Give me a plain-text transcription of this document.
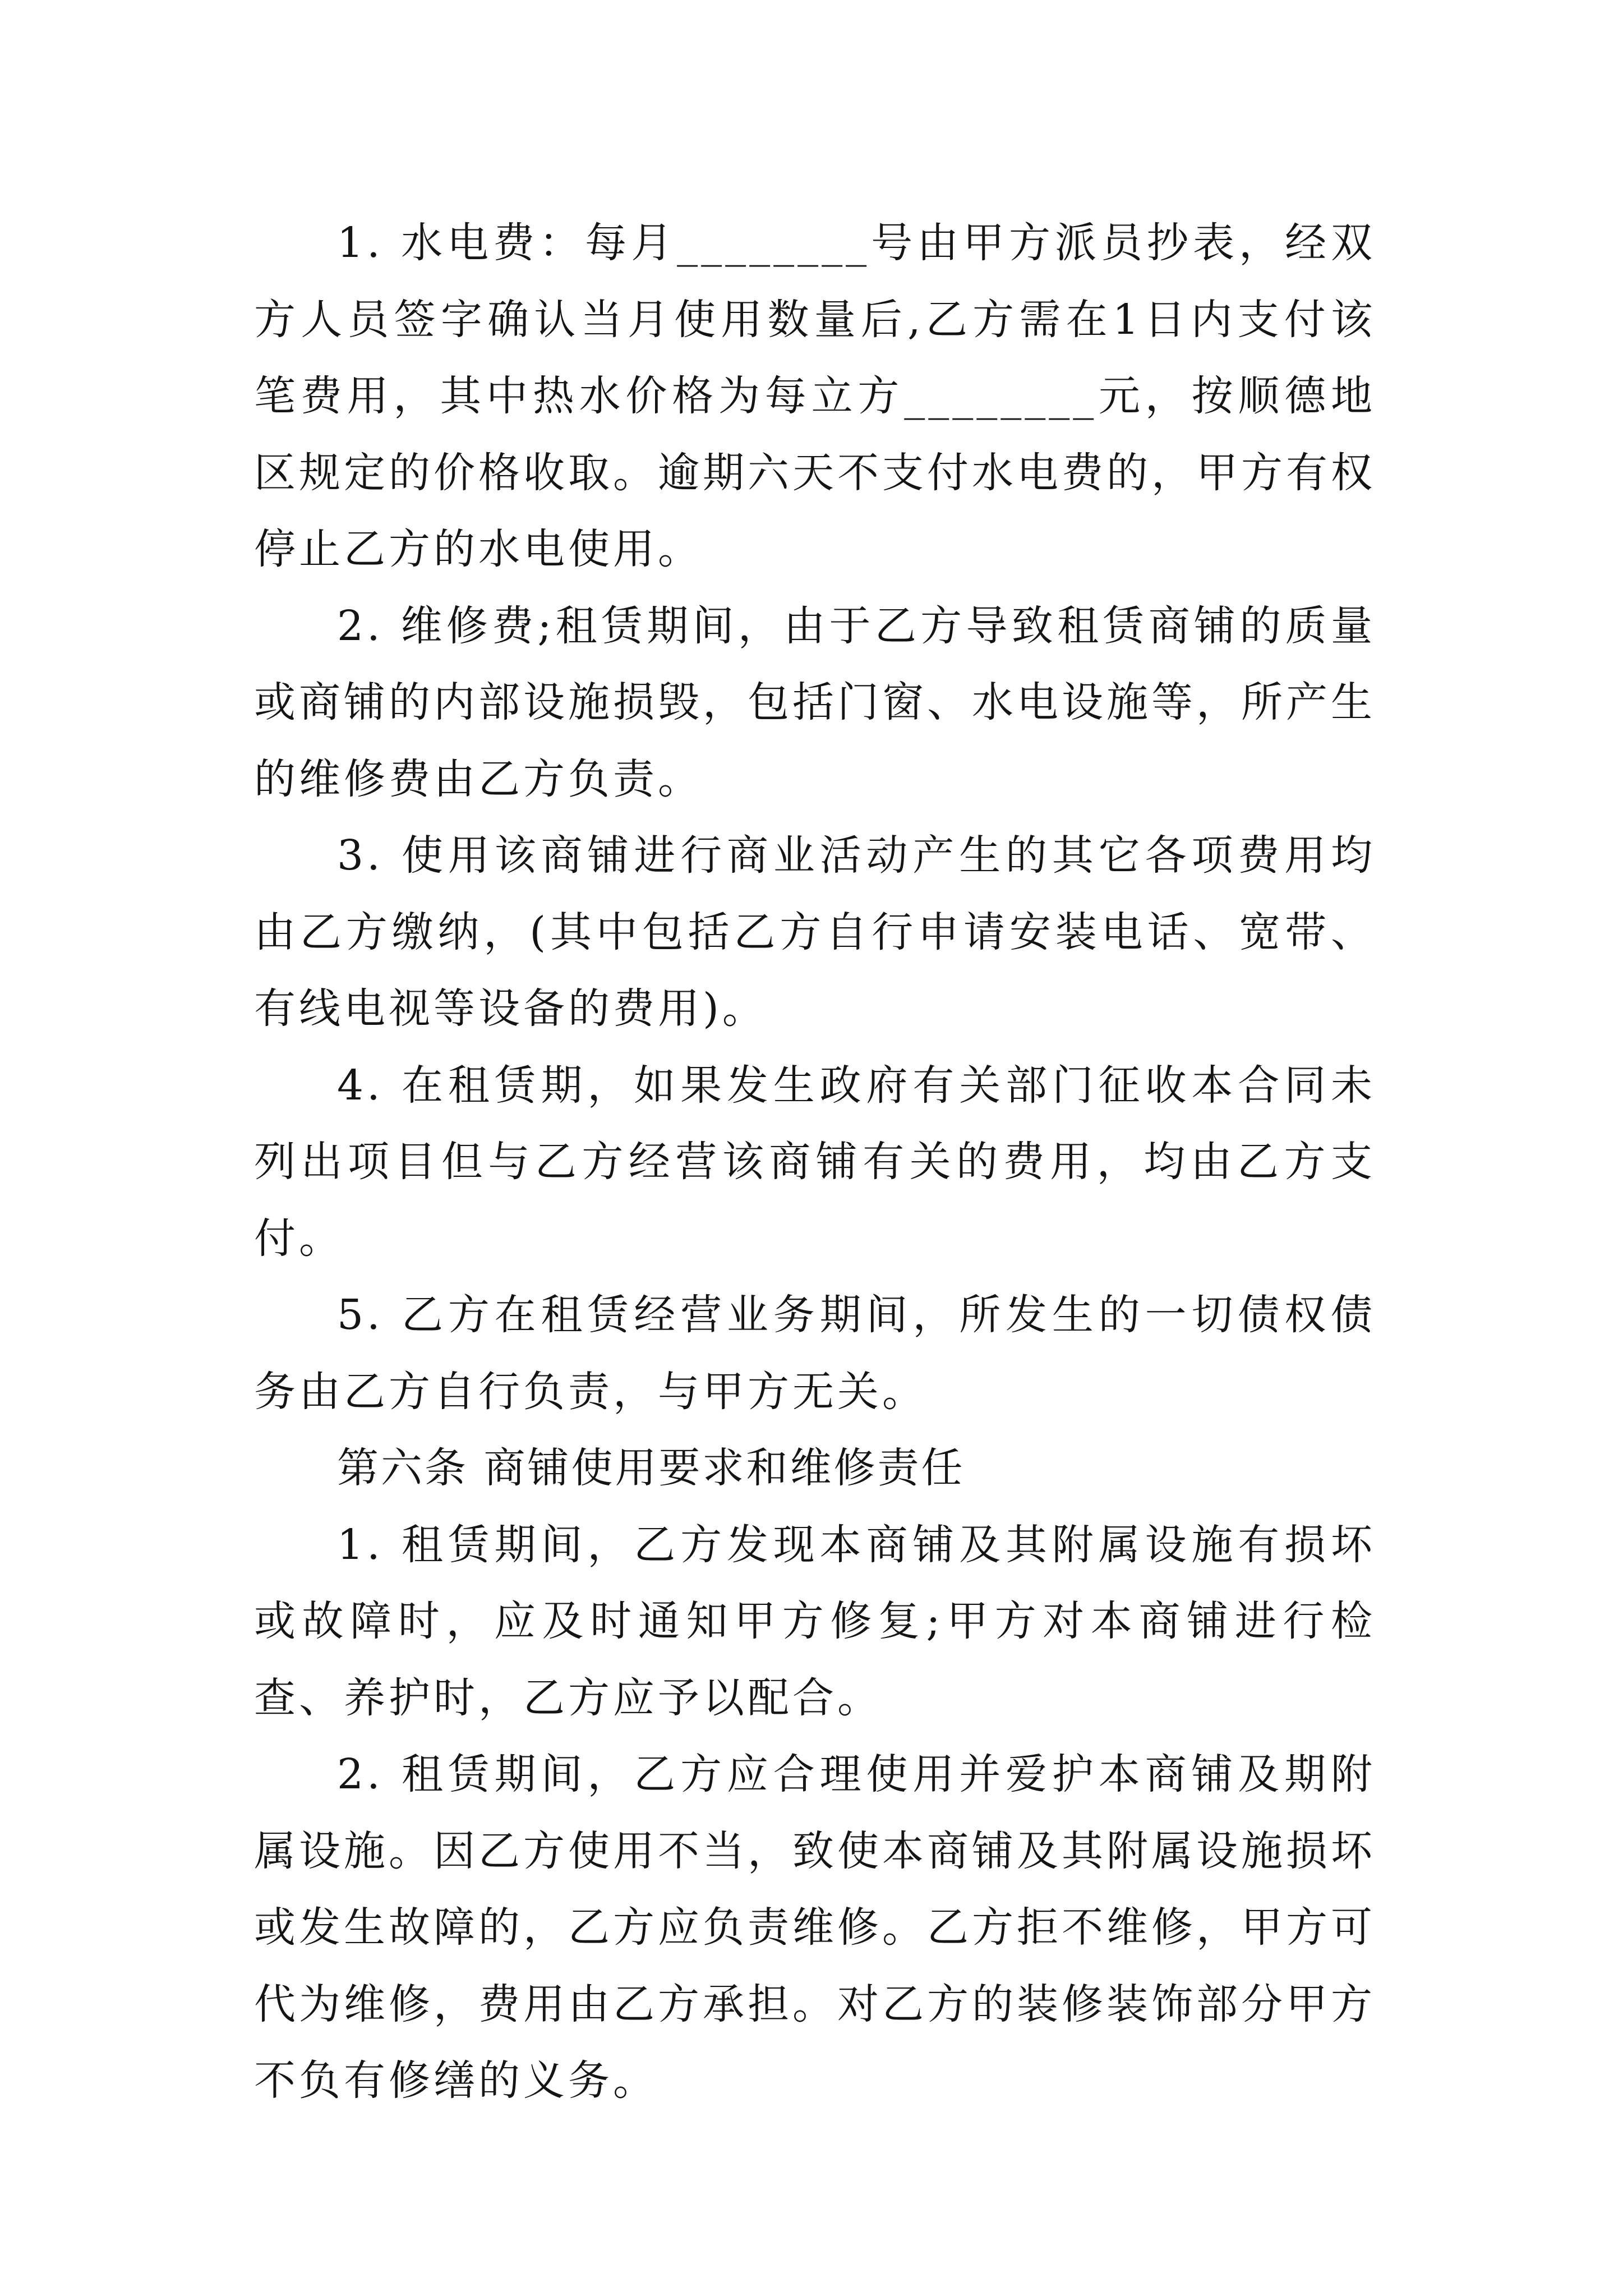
1. 水电费：每月________号由甲方派员抄表，经双方人员签字确认当月使用数量后,乙方需在1日内支付该笔费用，其中热水价格为每立方________元，按顺德地区规定的价格收取。逾期六天不支付水电费的，甲方有权停止乙方的水电使用。

2. 维修费;租赁期间，由于乙方导致租赁商铺的质量或商铺的内部设施损毁，包括门窗、水电设施等，所产生的维修费由乙方负责。

3. 使用该商铺进行商业活动产生的其它各项费用均由乙方缴纳，(其中包括乙方自行申请安装电话、宽带、有线电视等设备的费用)。

4. 在租赁期，如果发生政府有关部门征收本合同未列出项目但与乙方经营该商铺有关的费用，均由乙方支付。

5. 乙方在租赁经营业务期间，所发生的一切债权债务由乙方自行负责，与甲方无关。

第六条 商铺使用要求和维修责任

1. 租赁期间，乙方发现本商铺及其附属设施有损坏或故障时，应及时通知甲方修复;甲方对本商铺进行检查、养护时，乙方应予以配合。

2. 租赁期间，乙方应合理使用并爱护本商铺及期附属设施。因乙方使用不当，致使本商铺及其附属设施损坏或发生故障的，乙方应负责维修。乙方拒不维修，甲方可代为维修，费用由乙方承担。对乙方的装修装饰部分甲方不负有修缮的义务。
